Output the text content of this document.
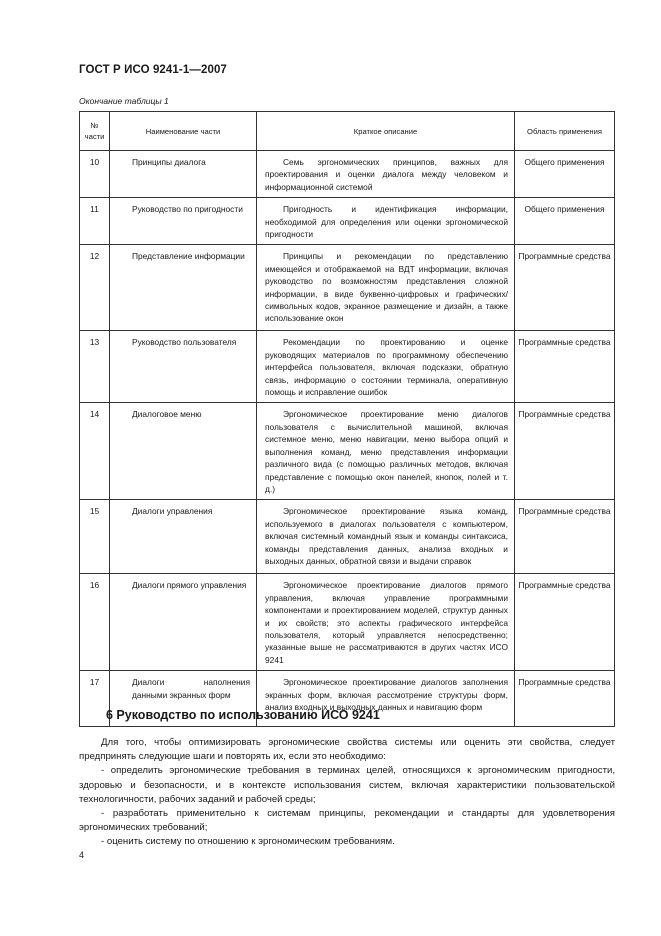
ГОСТ Р ИСО 9241-1—2007
Окончание таблицы 1
№ части	Наименование части	Краткое описание	Область применения
10	Принципы диалога	Семь эргономических принципов, важных для проектирования и оценки диалога между человеком и информационной системой	Общего применения
11	Руководство по пригодности	Пригодность и идентификация информации, необходимой для определения или оценки эргономической пригодности	Общего применения
12	Представление информации	Принципы и рекомендации по представлению имеющейся и отображаемой на ВДТ информации, включая руководство по возможностям представления сложной информации, в виде буквенно-цифровых и графических/символьных кодов, экранное размещение и дизайн, а также использование окон	Программные средства
13	Руководство пользователя	Рекомендации по проектированию и оценке руководящих материалов по программному обеспечению интерфейса пользователя, включая подсказки, обратную связь, информацию о состоянии терминала, оперативную помощь и исправление ошибок	Программные средства
14	Диалоговое меню	Эргономическое проектирование меню диалогов пользователя с вычислительной машиной, включая системное меню, меню навигации, меню выбора опций и выполнения команд, меню представления информации различного вида (с помощью различных методов, включая представление с помощью окон панелей, кнопок, полей и т. д.)	Программные средства
15	Диалоги управления	Эргономическое проектирование языка команд, используемого в диалогах пользователя с компьютером, включая системный командный язык и команды синтаксиса, команды представления данных, анализа входных и выходных данных, обратной связи и выдачи справок	Программные средства
16	Диалоги прямого управления	Эргономическое проектирование диалогов прямого управления, включая управление программными компонентами и проектированием моделей, структур данных и их свойств; это аспекты графического интерфейса пользователя, который управляется непосредственно; указанные выше не рассматриваются в других частях ИСО 9241	Программные средства
17	Диалоги наполнения данными экранных форм	Эргономическое проектирование диалогов заполнения экранных форм, включая рассмотрение структуры форм, анализ входных и выходных данных и навигацию форм	Программные средства
6 Руководство по использованию ИСО 9241

Для того, чтобы оптимизировать эргономические свойства системы или оценить эти свойства, следует предпринять следующие шаги и повторять их, если это необходимо:

- определить эргономические требования в терминах целей, относящихся к эргономическим пригодности, здоровью и безопасности, и в контексте использования систем, включая характеристики пользовательской технологичности, рабочих заданий и рабочей среды;
- разработать применительно к системам принципы, рекомендации и стандарты для удовлетворения эргономических требований;
- оценить систему по отношению к эргономическим требованиям.
4
